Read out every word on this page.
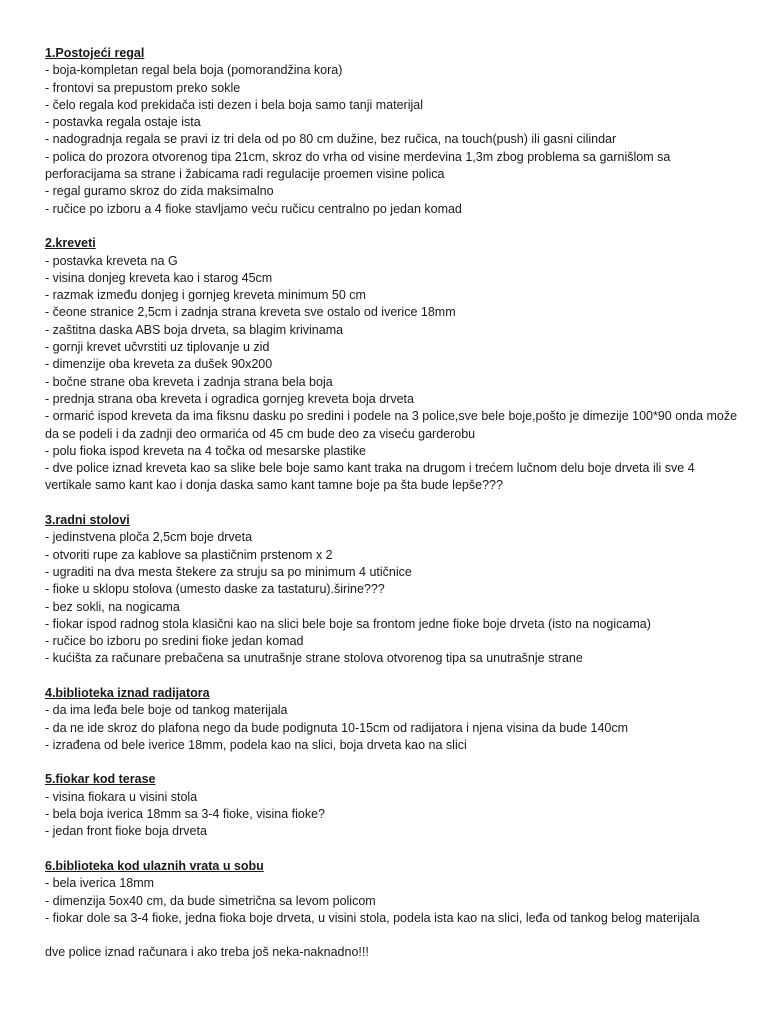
1.Postojeći regal
- boja-kompletan regal bela boja (pomorandžina kora)
- frontovi sa prepustom preko sokle
- čelo regala kod prekidača isti dezen i bela boja samo tanji materijal
- postavka regala ostaje ista
- nadogradnja regala se pravi iz tri dela od po 80 cm dužine, bez ručica, na touch(push) ili gasni cilindar
- polica do prozora otvorenog tipa 21cm, skroz do vrha od visine merdevina 1,3m zbog problema sa garnišlom sa perforacijama sa strane i žabicama radi regulacije proemen visine polica
- regal guramo skroz do zida maksimalno
- ručice po izboru a 4 fioke stavljamo veću ručicu centralno po jedan komad
2.kreveti
- postavka kreveta na G
- visina donjeg kreveta kao i starog 45cm
- razmak između donjeg i gornjeg kreveta minimum 50 cm
- čeone stranice 2,5cm i zadnja strana kreveta sve ostalo od iverice 18mm
- zaštitna daska ABS boja drveta, sa blagim krivinama
- gornji krevet učvrstiti uz tiplovanje u zid
- dimenzije oba kreveta za dušek 90x200
- bočne strane oba kreveta i zadnja strana bela boja
- prednja strana oba kreveta i ogradica gornjeg kreveta boja drveta
- ormarić ispod kreveta da ima fiksnu dasku po sredini i podele na 3 police,sve bele boje,pošto je dimezije 100*90 onda može da se podeli i da zadnji deo ormarića od 45 cm bude deo za viseću garderobu
- polu fioka ispod kreveta na 4 točka od mesarske plastike
- dve police iznad kreveta kao sa slike bele boje samo kant traka na drugom i trećem lučnom delu boje drveta ili sve 4 vertikale samo kant kao i donja daska samo kant tamne boje pa šta bude lepše???
3.radni stolovi
- jedinstvena ploča 2,5cm boje drveta
- otvoriti rupe za kablove sa plastičnim prstenom x 2
- ugraditi na dva mesta štekere za struju sa po minimum 4 utičnice
- fioke u sklopu stolova (umesto daske za tastaturu).širine???
- bez sokli, na nogicama
- fiokar ispod radnog stola klasični kao na slici bele boje sa frontom jedne fioke boje drveta (isto na nogicama)
- ručice bo izboru po sredini fioke jedan komad
- kućišta za računare prebačena sa unutrašnje strane stolova otvorenog tipa sa unutrašnje strane
4.biblioteka iznad radijatora
- da ima leđa bele boje od tankog materijala
- da ne ide skroz do plafona nego da bude podignuta 10-15cm od radijatora i njena visina da bude 140cm
- izrađena od bele iverice 18mm, podela kao na slici, boja drveta kao na slici
5.fiokar kod terase
- visina fiokara u visini stola
- bela boja iverica 18mm sa 3-4 fioke, visina fioke?
- jedan front fioke boja drveta
6.biblioteka kod ulaznih vrata u sobu
- bela iverica 18mm
- dimenzija 5ox40 cm, da bude simetrična sa levom policom
- fiokar dole sa 3-4 fioke, jedna fioka boje drveta, u visini stola, podela ista kao na slici, leđa od tankog belog materijala
dve police iznad računara i ako treba još neka-naknadno!!!
